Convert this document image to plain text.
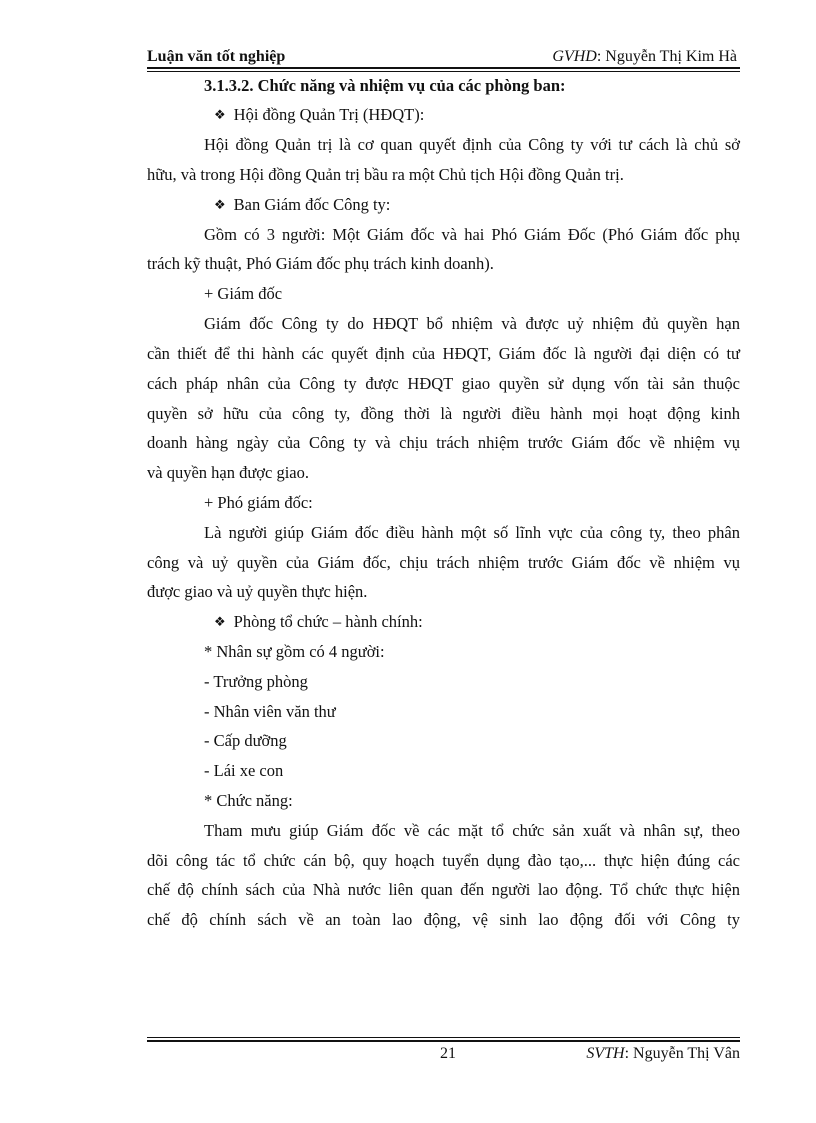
Luận văn tốt nghiệp	GVHD: Nguyễn Thị Kim Hà
3.1.3.2. Chức năng và nhiệm vụ của các phòng ban:
❖ Hội đồng Quản Trị (HĐQT):
Hội đồng Quản trị là cơ quan quyết định của Công ty với tư cách là chủ sở
hữu, và trong Hội đồng Quản trị bầu ra một Chủ tịch Hội đồng Quản trị.
❖ Ban Giám đốc Công ty:
Gồm có 3 người: Một Giám đốc và hai Phó Giám Đốc (Phó Giám đốc phụ
trách kỹ thuật, Phó Giám đốc phụ trách kinh doanh).
+ Giám đốc
Giám đốc Công ty do HĐQT bổ nhiệm và được uỷ nhiệm đủ quyền hạn
cần thiết để thi hành các quyết định của HĐQT, Giám đốc là người đại diện có tư
cách pháp nhân của Công ty được HĐQT giao quyền sử dụng vốn tài sản thuộc
quyền sở hữu của công ty, đồng thời là người điều hành mọi hoạt động kinh
doanh hàng ngày của Công ty và chịu trách nhiệm trước Giám đốc về nhiệm vụ
và quyền hạn được giao.
+ Phó giám đốc:
Là người giúp Giám đốc điều hành một số lĩnh vực của công ty, theo phân
công và uỷ quyền của Giám đốc, chịu trách nhiệm trước Giám đốc về nhiệm vụ
được giao và uỷ quyền thực hiện.
❖ Phòng tổ chức – hành chính:
* Nhân sự gồm có 4 người:
- Trưởng phòng
- Nhân viên văn thư
- Cấp dưỡng
- Lái xe con
* Chức năng:
Tham mưu giúp Giám đốc về các mặt tổ chức sản xuất và nhân sự, theo
dõi công tác tổ chức cán bộ, quy hoạch tuyển dụng đào tạo,... thực hiện đúng các
chế độ chính sách của Nhà nước liên quan đến người lao động. Tổ chức thực hiện
chế độ chính sách về an toàn lao động, vệ sinh lao động đối với Công ty
21	SVTH: Nguyễn Thị Vân
